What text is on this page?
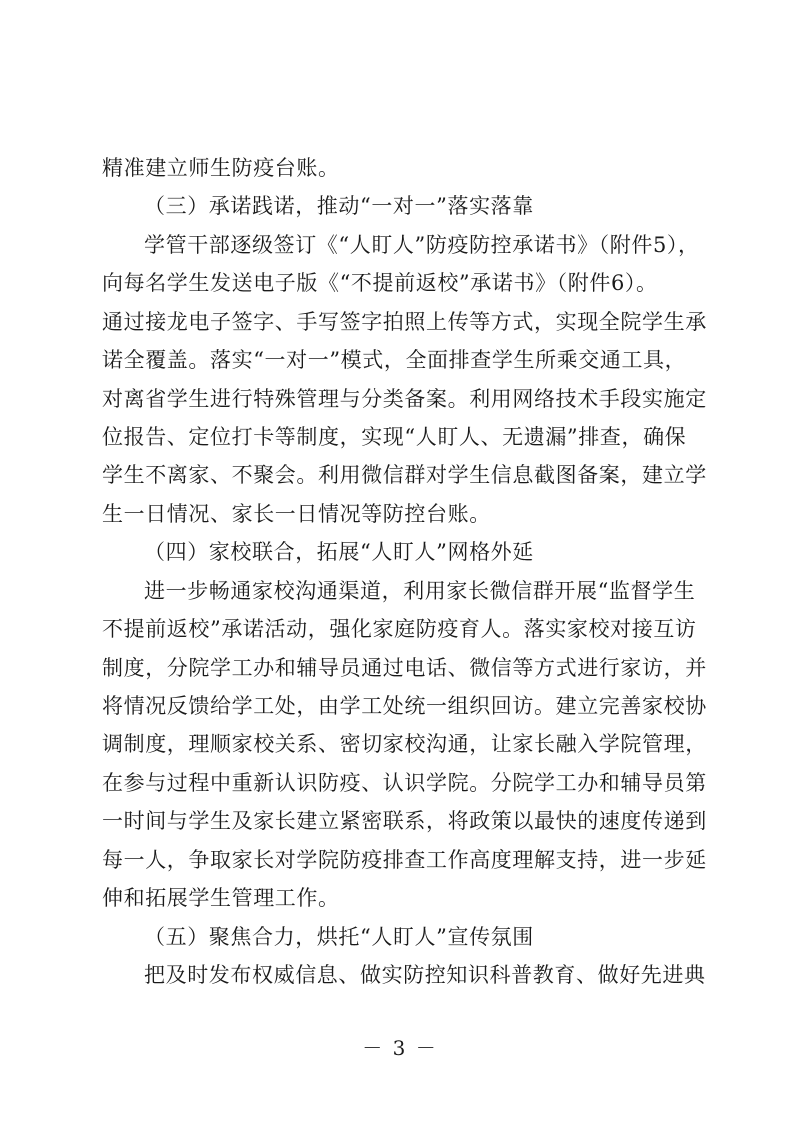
精准建立师生防疫台账。
（三）承诺践诺，推动“一对一”落实落靠
学管干部逐级签订《“人盯人”防疫防控承诺书》（附件5），
向每名学生发送电子版《“不提前返校”承诺书》（附件6）。
通过接龙电子签字、手写签字拍照上传等方式，实现全院学生承
诺全覆盖。落实“一对一”模式，全面排查学生所乘交通工具，
对离省学生进行特殊管理与分类备案。利用网络技术手段实施定
位报告、定位打卡等制度，实现“人盯人、无遗漏”排查，确保
学生不离家、不聚会。利用微信群对学生信息截图备案，建立学
生一日情况、家长一日情况等防控台账。
（四）家校联合，拓展“人盯人”网格外延
进一步畅通家校沟通渠道，利用家长微信群开展“监督学生
不提前返校”承诺活动，强化家庭防疫育人。落实家校对接互访
制度，分院学工办和辅导员通过电话、微信等方式进行家访，并
将情况反馈给学工处，由学工处统一组织回访。建立完善家校协
调制度，理顺家校关系、密切家校沟通，让家长融入学院管理，
在参与过程中重新认识防疫、认识学院。分院学工办和辅导员第
一时间与学生及家长建立紧密联系，将政策以最快的速度传递到
每一人，争取家长对学院防疫排查工作高度理解支持，进一步延
伸和拓展学生管理工作。
（五）聚焦合力，烘托“人盯人”宣传氛围
把及时发布权威信息、做实防控知识科普教育、做好先进典
－ 3 －
